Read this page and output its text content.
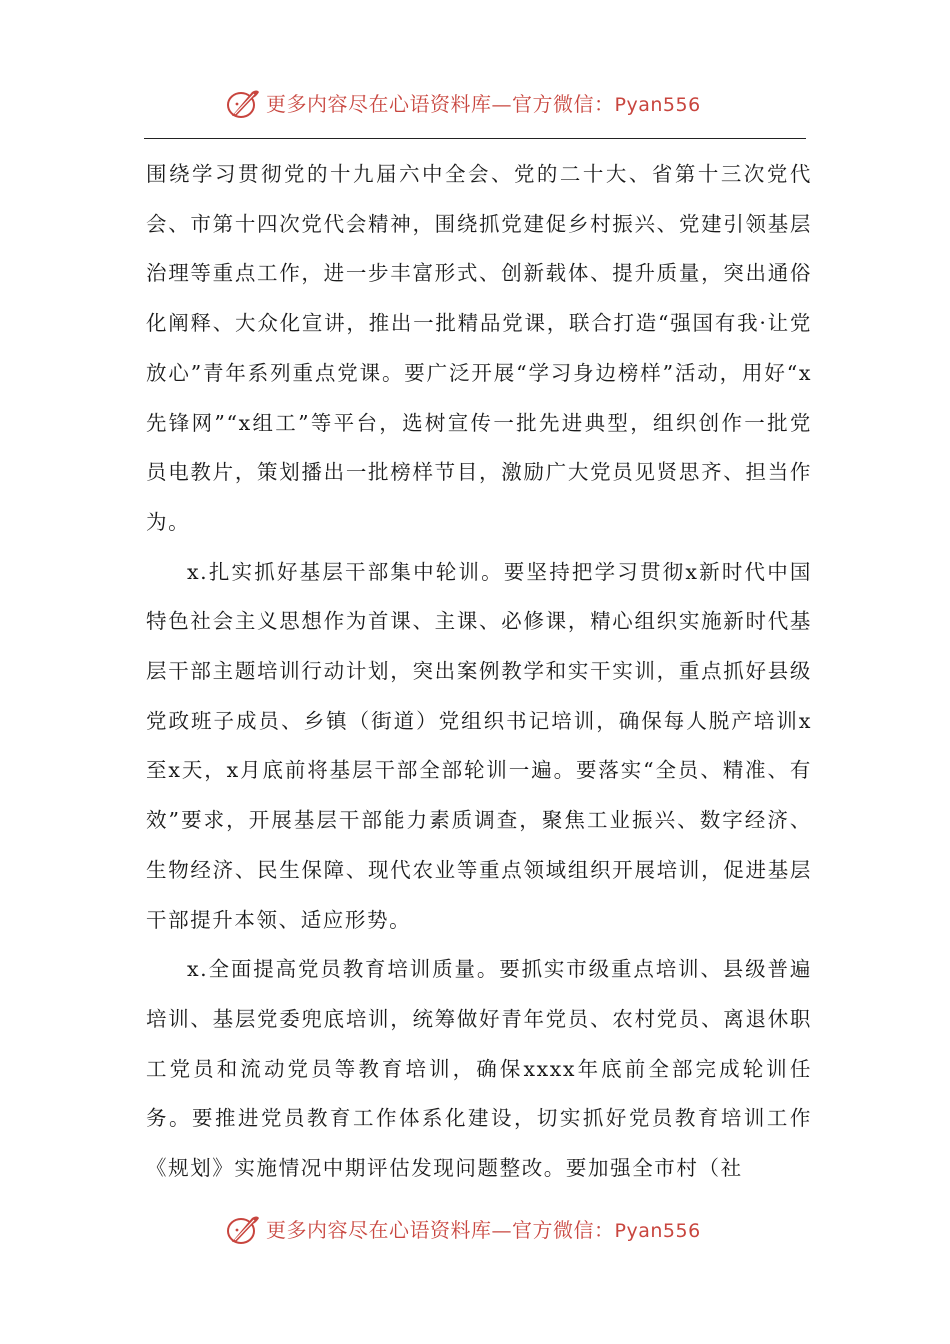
更多内容尽在心语资料库—官方微信：Pyan556

围绕学习贯彻党的十九届六中全会、党的二十大、省第十三次党代会、市第十四次党代会精神，围绕抓党建促乡村振兴、党建引领基层治理等重点工作，进一步丰富形式、创新载体、提升质量，突出通俗化阐释、大众化宣讲，推出一批精品党课，联合打造“强国有我·让党放心”青年系列重点党课。要广泛开展“学习身边榜样”活动，用好“x先锋网”“x组工”等平台，选树宣传一批先进典型，组织创作一批党员电教片，策划播出一批榜样节目，激励广大党员见贤思齐、担当作为。

x.扎实抓好基层干部集中轮训。要坚持把学习贯彻x新时代中国特色社会主义思想作为首课、主课、必修课，精心组织实施新时代基层干部主题培训行动计划，突出案例教学和实干实训，重点抓好县级党政班子成员、乡镇（街道）党组织书记培训，确保每人脱产培训x至x天，x月底前将基层干部全部轮训一遍。要落实“全员、精准、有效”要求，开展基层干部能力素质调查，聚焦工业振兴、数字经济、生物经济、民生保障、现代农业等重点领域组织开展培训，促进基层干部提升本领、适应形势。

x.全面提高党员教育培训质量。要抓实市级重点培训、县级普遍培训、基层党委兜底培训，统筹做好青年党员、农村党员、离退休职工党员和流动党员等教育培训，确保xxxx年底前全部完成轮训任务。要推进党员教育工作体系化建设，切实抓好党员教育培训工作《规划》实施情况中期评估发现问题整改。要加强全市村（社

更多内容尽在心语资料库—官方微信：Pyan556
